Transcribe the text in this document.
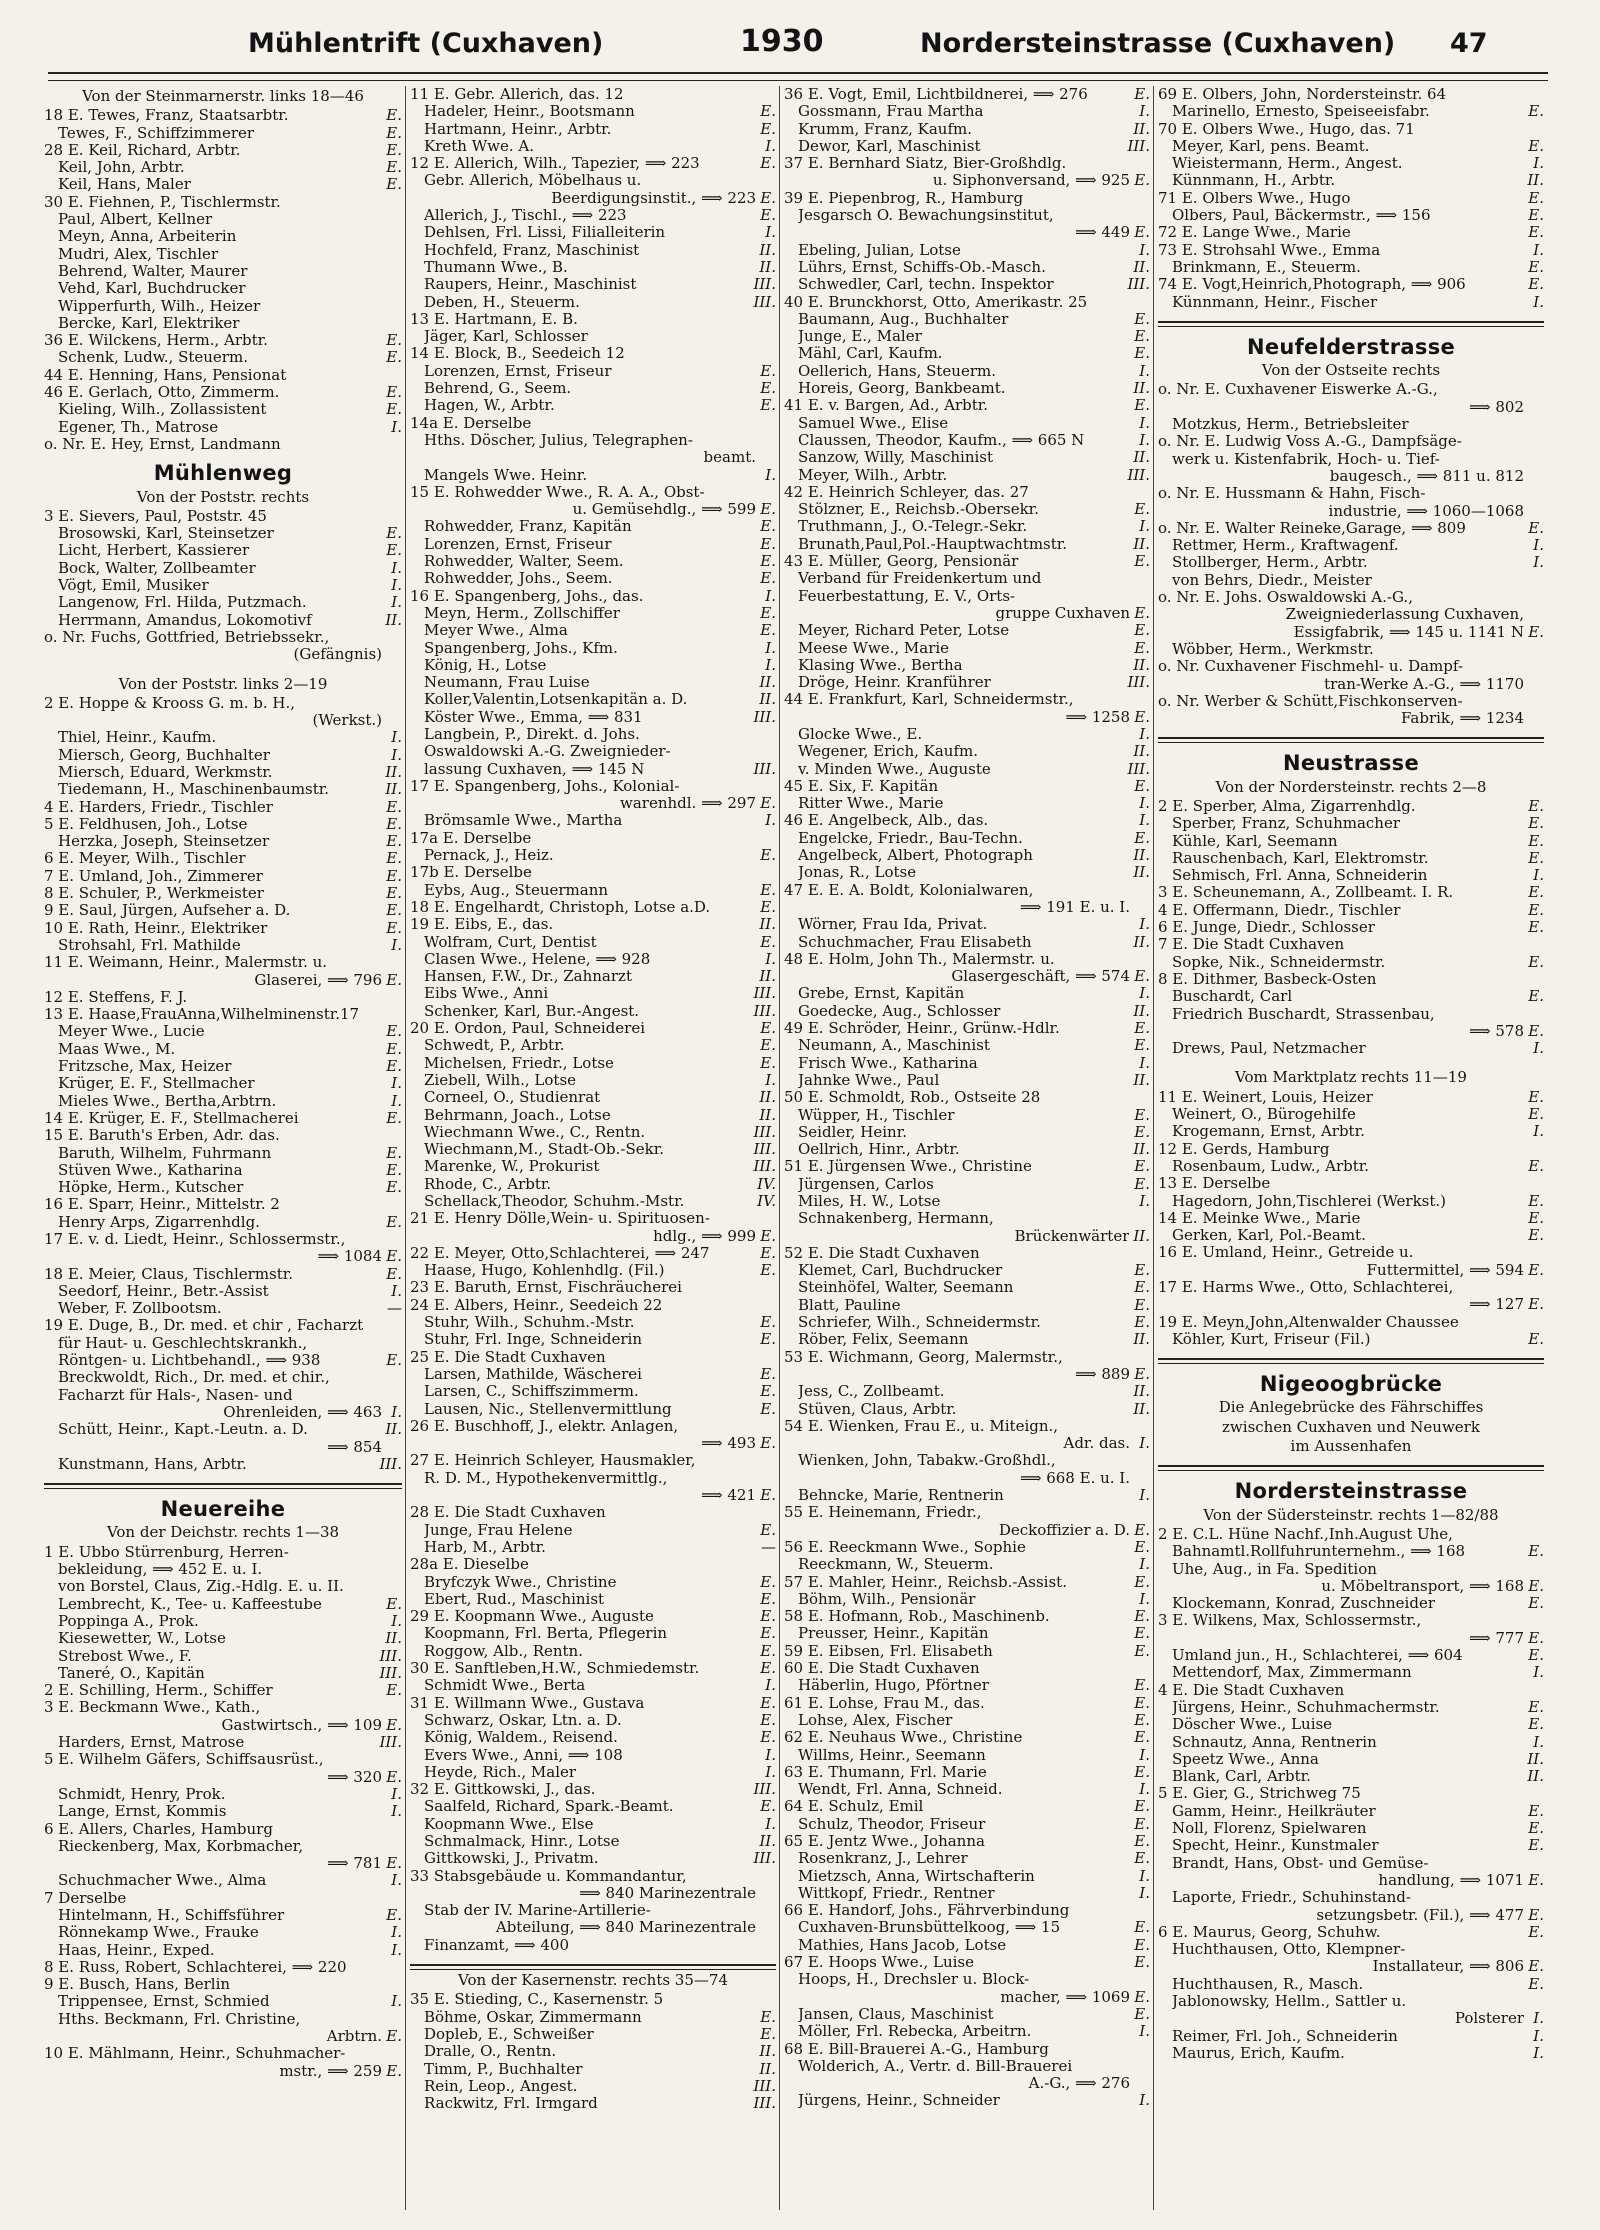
Mühlentrift (Cuxhaven)	1930	Nordersteinstrasse (Cuxhaven) 47
Von der Steinmarnerstr. links 18—46
18 E. Tewes, Franz, Staatsarbtr.	E.
Tewes, F., Schiffzimmerer	E.
28 E. Keil, Richard, Arbtr.	E.
Keil, John, Arbtr.	E.
Keil, Hans, Maler	E.
30 E. Fiehnen, P., Tischlermstr.
Paul, Albert, Kellner
Meyn, Anna, Arbeiterin
Mudri, Alex, Tischler
Behrend, Walter, Maurer
Vehd, Karl, Buchdrucker
Wipperfurth, Wilh., Heizer
Bercke, Karl, Elektriker
36 E. Wilckens, Herm., Arbtr.	E.
Schenk, Ludw., Steuerm.	E.
44 E. Henning, Hans, Pensionat
46 E. Gerlach, Otto, Zimmerm.	E.
Kieling, Wilh., Zollassistent	E.
Egener, Th., Matrose	I.
o. Nr. E. Hey, Ernst, Landmann
Mühlenweg
Von der Poststr. rechts
3 E. Sievers, Paul, Poststr. 45
Brosowski, Karl, Steinsetzer	E.
Licht, Herbert, Kassierer	E.
Bock, Walter, Zollbeamter	I.
Vögt, Emil, Musiker	I.
Langenow, Frl. Hilda, Putzmach.	I.
Herrmann, Amandus, Lokomotivf	II.
o. Nr. Fuchs, Gottfried, Betriebssekr.,
(Gefängnis)
Von der Poststr. links 2—19
2 E. Hoppe & Krooss G. m. b. H.,
(Werkst.)
Thiel, Heinr., Kaufm.	I.
Miersch, Georg, Buchhalter	I.
Miersch, Eduard, Werkmstr.	II.
Tiedemann, H., Maschinenbaumstr.	II.
4 E. Harders, Friedr., Tischler	E.
5 E. Feldhusen, Joh., Lotse	E.
Herzka, Joseph, Steinsetzer	E.
6 E. Meyer, Wilh., Tischler	E.
7 E. Umland, Joh., Zimmerer	E.
8 E. Schuler, P., Werkmeister	E.
9 E. Saul, Jürgen, Aufseher a. D.	E.
10 E. Rath, Heinr., Elektriker	E.
Strohsahl, Frl. Mathilde	I.
11 E. Weimann, Heinr., Malermstr. u.
Glaserei, ⟹ 796 E.
12 E. Steffens, F. J.
13 E. Haase,FrauAnna,Wilhelminenstr.17
Meyer Wwe., Lucie	E.
Maas Wwe., M.	E.
Fritzsche, Max, Heizer	E.
Krüger, E. F., Stellmacher	I.
Mieles Wwe., Bertha,Arbtrn.	I.
14 E. Krüger, E. F., Stellmacherei	E.
15 E. Baruth's Erben, Adr. das.
Baruth, Wilhelm, Fuhrmann	E.
Stüven Wwe., Katharina	E.
Höpke, Herm., Kutscher	E.
16 E. Sparr, Heinr., Mittelstr. 2
Henry Arps, Zigarrenhdlg.	E.
17 E. v. d. Liedt, Heinr., Schlossermstr.,
⟹ 1084 E.
18 E. Meier, Claus, Tischlermstr.	E.
Seedorf, Heinr., Betr.-Assist	I.
Weber, F. Zollbootsm.	—
19 E. Duge, B., Dr. med. et chir , Facharzt
für Haut- u. Geschlechtskrankh.,
Röntgen- u. Lichtbehandl., ⟹ 938	E.
Breckwoldt, Rich., Dr. med. et chir.,
Facharzt für Hals-, Nasen- und
Ohrenleiden, ⟹ 463 I.
Schütt, Heinr., Kapt.-Leutn. a. D.	II.
⟹ 854
Kunstmann, Hans, Arbtr.	III.
Neuereihe
Von der Deichstr. rechts 1—38
1 E. Ubbo Stürrenburg, Herren-
bekleidung, ⟹ 452 E. u. I.
von Borstel, Claus, Zig.-Hdlg. E. u. II.
Lembrecht, K., Tee- u. Kaffeestube	E.
Poppinga A., Prok.	I.
Kiesewetter, W., Lotse	II.
Strebost Wwe., F.	III.
Taneré, O., Kapitän	III.
2 E. Schilling, Herm., Schiffer	E.
3 E. Beckmann Wwe., Kath.,
Gastwirtsch., ⟹ 109 E.
Harders, Ernst, Matrose	III.
5 E. Wilhelm Gäfers, Schiffsausrüst.,
⟹ 320 E.
Schmidt, Henry, Prok.	I.
Lange, Ernst, Kommis	I.
6 E. Allers, Charles, Hamburg
Rieckenberg, Max, Korbmacher,
⟹ 781 E.
Schuchmacher Wwe., Alma	I.
7 Derselbe
Hintelmann, H., Schiffsführer	E.
Rönnekamp Wwe., Frauke	I.
Haas, Heinr., Exped.	I.
8 E. Russ, Robert, Schlachterei, ⟹ 220
9 E. Busch, Hans, Berlin
Trippensee, Ernst, Schmied	I.
Hths. Beckmann, Frl. Christine,
Arbtrn. E.
10 E. Mählmann, Heinr., Schuhmacher-
mstr., ⟹ 259 E.
11 E. Gebr. Allerich, das. 12
Hadeler, Heinr., Bootsmann	E.
Hartmann, Heinr., Arbtr.	E.
Kreth Wwe. A.	I.
12 E. Allerich, Wilh., Tapezier, ⟹ 223	E.
Gebr. Allerich, Möbelhaus u.
Beerdigungsinstit., ⟹ 223 E.
Allerich, J., Tischl., ⟹ 223	E.
Dehlsen, Frl. Lissi, Filialleiterin	I.
Hochfeld, Franz, Maschinist	II.
Thumann Wwe., B.	II.
Raupers, Heinr., Maschinist	III.
Deben, H., Steuerm.	III.
13 E. Hartmann, E. B.
Jäger, Karl, Schlosser
14 E. Block, B., Seedeich 12
Lorenzen, Ernst, Friseur	E.
Behrend, G., Seem.	E.
Hagen, W., Arbtr.	E.
14a E. Derselbe
Hths. Döscher, Julius, Telegraphen-
beamt.
Mangels Wwe. Heinr.	I.
15 E. Rohwedder Wwe., R. A. A., Obst-
u. Gemüsehdlg., ⟹ 599 E.
Rohwedder, Franz, Kapitän	E.
Lorenzen, Ernst, Friseur	E.
Rohwedder, Walter, Seem.	E.
Rohwedder, Johs., Seem.	E.
16 E. Spangenberg, Johs., das.	I.
Meyn, Herm., Zollschiffer	E.
Meyer Wwe., Alma	E.
Spangenberg, Johs., Kfm.	I.
König, H., Lotse	I.
Neumann, Frau Luise	II.
Koller,Valentin,Lotsenkapitän a. D.	II.
Köster Wwe., Emma, ⟹ 831	III.
Langbein, P., Direkt. d. Johs.
Oswaldowski A.-G. Zweignieder-
lassung Cuxhaven, ⟹ 145 N	III.
17 E. Spangenberg, Johs., Kolonial-
warenhdl. ⟹ 297 E.
Brömsamle Wwe., Martha	I.
17a E. Derselbe
Pernack, J., Heiz.	E.
17b E. Derselbe
Eybs, Aug., Steuermann	E.
18 E. Engelhardt, Christoph, Lotse a.D.	E.
19 E. Eibs, E., das.	II.
Wolfram, Curt, Dentist	E.
Clasen Wwe., Helene, ⟹ 928	I.
Hansen, F.W., Dr., Zahnarzt	II.
Eibs Wwe., Anni	III.
Schenker, Karl, Bur.-Angest.	III.
20 E. Ordon, Paul, Schneiderei	E.
Schwedt, P., Arbtr.	E.
Michelsen, Friedr., Lotse	E.
Ziebell, Wilh., Lotse	I.
Corneel, O., Studienrat	II.
Behrmann, Joach., Lotse	II.
Wiechmann Wwe., C., Rentn.	III.
Wiechmann,M., Stadt-Ob.-Sekr.	III.
Marenke, W., Prokurist	III.
Rhode, C., Arbtr.	IV.
Schellack,Theodor, Schuhm.-Mstr.	IV.
21 E. Henry Dölle,Wein- u. Spirituosen-
hdlg., ⟹ 999 E.
22 E. Meyer, Otto,Schlachterei, ⟹ 247	E.
Haase, Hugo, Kohlenhdlg. (Fil.)	E.
23 E. Baruth, Ernst, Fischräucherei
24 E. Albers, Heinr., Seedeich 22
Stuhr, Wilh., Schuhm.-Mstr.	E.
Stuhr, Frl. Inge, Schneiderin	E.
25 E. Die Stadt Cuxhaven
Larsen, Mathilde, Wäscherei	E.
Larsen, C., Schiffszimmerm.	E.
Lausen, Nic., Stellenvermittlung	E.
26 E. Buschhoff, J., elektr. Anlagen,
⟹ 493 E.
27 E. Heinrich Schleyer, Hausmakler,
R. D. M., Hypothekenvermittlg.,
⟹ 421 E.
28 E. Die Stadt Cuxhaven
Junge, Frau Helene	E.
Harb, M., Arbtr.	—
28a E. Dieselbe
Bryfczyk Wwe., Christine	E.
Ebert, Rud., Maschinist	E.
29 E. Koopmann Wwe., Auguste	E.
Koopmann, Frl. Berta, Pflegerin	E.
Roggow, Alb., Rentn.	E.
30 E. Sanftleben,H.W., Schmiedemstr.	E.
Schmidt Wwe., Berta	I.
31 E. Willmann Wwe., Gustava	E.
Schwarz, Oskar, Ltn. a. D.	E.
König, Waldem., Reisend.	E.
Evers Wwe., Anni, ⟹ 108	I.
Heyde, Rich., Maler	I.
32 E. Gittkowski, J., das.	III.
Saalfeld, Richard, Spark.-Beamt.	E.
Koopmann Wwe., Else	I.
Schmalmack, Hinr., Lotse	II.
Gittkowski, J., Privatm.	III.
33 Stabsgebäude u. Kommandantur,
⟹ 840 Marinezentrale
Stab der IV. Marine-Artillerie-
Abteilung, ⟹ 840 Marinezentrale
Finanzamt, ⟹ 400
Von der Kasernenstr. rechts 35—74
35 E. Stieding, C., Kasernenstr. 5
Böhme, Oskar, Zimmermann	E.
Dopleb, E., Schweißer	E.
Dralle, O., Rentn.	II.
Timm, P., Buchhalter	II.
Rein, Leop., Angest.	III.
Rackwitz, Frl. Irmgard	III.
36 E. Vogt, Emil, Lichtbildnerei, ⟹ 276	E.
Gossmann, Frau Martha	I.
Krumm, Franz, Kaufm.	II.
Dewor, Karl, Maschinist	III.
37 E. Bernhard Siatz, Bier-Großhdlg.
u. Siphonversand, ⟹ 925 E.
39 E. Piepenbrog, R., Hamburg
Jesgarsch O. Bewachungsinstitut,
⟹ 449 E.
Ebeling, Julian, Lotse	I.
Lührs, Ernst, Schiffs-Ob.-Masch.	II.
Schwedler, Carl, techn. Inspektor	III.
40 E. Brunckhorst, Otto, Amerikastr. 25
Baumann, Aug., Buchhalter	E.
Junge, E., Maler	E.
Mähl, Carl, Kaufm.	E.
Oellerich, Hans, Steuerm.	I.
Horeis, Georg, Bankbeamt.	II.
41 E. v. Bargen, Ad., Arbtr.	E.
Samuel Wwe., Elise	I.
Claussen, Theodor, Kaufm., ⟹ 665 N	I.
Sanzow, Willy, Maschinist	II.
Meyer, Wilh., Arbtr.	III.
42 E. Heinrich Schleyer, das. 27
Stölzner, E., Reichsb.-Obersekr.	E.
Truthmann, J., O.-Telegr.-Sekr.	I.
Brunath,Paul,Pol.-Hauptwachtmstr.	II.
43 E. Müller, Georg, Pensionär	E.
Verband für Freidenkertum und
Feuerbestattung, E. V., Orts-
gruppe Cuxhaven E.
Meyer, Richard Peter, Lotse	E.
Meese Wwe., Marie	E.
Klasing Wwe., Bertha	II.
Dröge, Heinr. Kranführer	III.
44 E. Frankfurt, Karl, Schneidermstr.,
⟹ 1258 E.
Glocke Wwe., E.	I.
Wegener, Erich, Kaufm.	II.
v. Minden Wwe., Auguste	III.
45 E. Six, F. Kapitän	E.
Ritter Wwe., Marie	I.
46 E. Angelbeck, Alb., das.	I.
Engelcke, Friedr., Bau-Techn.	E.
Angelbeck, Albert, Photograph	II.
Jonas, R., Lotse	II.
47 E. E. A. Boldt, Kolonialwaren,
⟹ 191 E. u. I.
Wörner, Frau Ida, Privat.	I.
Schuchmacher, Frau Elisabeth	II.
48 E. Holm, John Th., Malermstr. u.
Glasergeschäft, ⟹ 574 E.
Grebe, Ernst, Kapitän	I.
Goedecke, Aug., Schlosser	II.
49 E. Schröder, Heinr., Grünw.-Hdlr.	E.
Neumann, A., Maschinist	E.
Frisch Wwe., Katharina	I.
Jahnke Wwe., Paul	II.
50 E. Schmoldt, Rob., Ostseite 28
Wüpper, H., Tischler	E.
Seidler, Heinr.	E.
Oellrich, Hinr., Arbtr.	II.
51 E. Jürgensen Wwe., Christine	E.
Jürgensen, Carlos	E.
Miles, H. W., Lotse	I.
Schnakenberg, Hermann,
Brückenwärter II.
52 E. Die Stadt Cuxhaven
Klemet, Carl, Buchdrucker	E.
Steinhöfel, Walter, Seemann	E.
Blatt, Pauline	E.
Schriefer, Wilh., Schneidermstr.	E.
Röber, Felix, Seemann	II.
53 E. Wichmann, Georg, Malermstr.,
⟹ 889 E.
Jess, C., Zollbeamt.	II.
Stüven, Claus, Arbtr.	II.
54 E. Wienken, Frau E., u. Miteign.,
Adr. das. I.
Wienken, John, Tabakw.-Großhdl.,
⟹ 668 E. u. I.
Behncke, Marie, Rentnerin	I.
55 E. Heinemann, Friedr.,
Deckoffizier a. D. E.
56 E. Reeckmann Wwe., Sophie	E.
Reeckmann, W., Steuerm.	I.
57 E. Mahler, Heinr., Reichsb.-Assist.	E.
Böhm, Wilh., Pensionär	I.
58 E. Hofmann, Rob., Maschinenb.	E.
Preusser, Heinr., Kapitän	E.
59 E. Eibsen, Frl. Elisabeth	E.
60 E. Die Stadt Cuxhaven
Häberlin, Hugo, Pförtner	E.
61 E. Lohse, Frau M., das.	E.
Lohse, Alex, Fischer	E.
62 E. Neuhaus Wwe., Christine	E.
Willms, Heinr., Seemann	I.
63 E. Thumann, Frl. Marie	E.
Wendt, Frl. Anna, Schneid.	I.
64 E. Schulz, Emil	E.
Schulz, Theodor, Friseur	E.
65 E. Jentz Wwe., Johanna	E.
Rosenkranz, J., Lehrer	E.
Mietzsch, Anna, Wirtschafterin	I.
Wittkopf, Friedr., Rentner	I.
66 E. Handorf, Johs., Fährverbindung
Cuxhaven-Brunsbüttelkoog, ⟹ 15	E.
Mathies, Hans Jacob, Lotse	E.
67 E. Hoops Wwe., Luise	E.
Hoops, H., Drechsler u. Block-
macher, ⟹ 1069 E.
Jansen, Claus, Maschinist	E.
Möller, Frl. Rebecka, Arbeitrn.	I.
68 E. Bill-Brauerei A.-G., Hamburg
Wolderich, A., Vertr. d. Bill-Brauerei
A.-G., ⟹ 276
Jürgens, Heinr., Schneider	I.
69 E. Olbers, John, Nordersteinstr. 64
Marinello, Ernesto, Speiseeisfabr.	E.
70 E. Olbers Wwe., Hugo, das. 71
Meyer, Karl, pens. Beamt.	E.
Wieistermann, Herm., Angest.	I.
Künnmann, H., Arbtr.	II.
71 E. Olbers Wwe., Hugo	E.
Olbers, Paul, Bäckermstr., ⟹ 156	E.
72 E. Lange Wwe., Marie	E.
73 E. Strohsahl Wwe., Emma	I.
Brinkmann, E., Steuerm.	E.
74 E. Vogt,Heinrich,Photograph, ⟹ 906	E.
Künnmann, Heinr., Fischer	I.
Neufelderstrasse
Von der Ostseite rechts
o. Nr. E. Cuxhavener Eiswerke A.-G.,
⟹ 802
Motzkus, Herm., Betriebsleiter
o. Nr. E. Ludwig Voss A.-G., Dampfsäge-
werk u. Kistenfabrik, Hoch- u. Tief-
baugesch., ⟹ 811 u. 812
o. Nr. E. Hussmann & Hahn, Fisch-
industrie, ⟹ 1060—1068
o. Nr. E. Walter Reineke,Garage, ⟹ 809	E.
Rettmer, Herm., Kraftwagenf.	I.
Stollberger, Herm., Arbtr.	I.
von Behrs, Diedr., Meister
o. Nr. E. Johs. Oswaldowski A.-G.,
Zweigniederlassung Cuxhaven,
Essigfabrik, ⟹ 145 u. 1141 N E.
Wöbber, Herm., Werkmstr.
o. Nr. Cuxhavener Fischmehl- u. Dampf-
tran-Werke A.-G., ⟹ 1170
o. Nr. Werber & Schütt,Fischkonserven-
Fabrik, ⟹ 1234
Neustrasse
Von der Nordersteinstr. rechts 2—8
2 E. Sperber, Alma, Zigarrenhdlg.	E.
Sperber, Franz, Schuhmacher	E.
Kühle, Karl, Seemann	E.
Rauschenbach, Karl, Elektromstr.	E.
Sehmisch, Frl. Anna, Schneiderin	I.
3 E. Scheunemann, A., Zollbeamt. I. R.	E.
4 E. Offermann, Diedr., Tischler	E.
6 E. Junge, Diedr., Schlosser	E.
7 E. Die Stadt Cuxhaven
Sopke, Nik., Schneidermstr.	E.
8 E. Dithmer, Basbeck-Osten
Buschardt, Carl	E.
Friedrich Buschardt, Strassenbau,
⟹ 578 E.
Drews, Paul, Netzmacher	I.
Vom Marktplatz rechts 11—19
11 E. Weinert, Louis, Heizer	E.
Weinert, O., Bürogehilfe	E.
Krogemann, Ernst, Arbtr.	I.
12 E. Gerds, Hamburg
Rosenbaum, Ludw., Arbtr.	E.
13 E. Derselbe
Hagedorn, John,Tischlerei (Werkst.)	E.
14 E. Meinke Wwe., Marie	E.
Gerken, Karl, Pol.-Beamt.	E.
16 E. Umland, Heinr., Getreide u.
Futtermittel, ⟹ 594 E.
17 E. Harms Wwe., Otto, Schlachterei,
⟹ 127 E.
19 E. Meyn,John,Altenwalder Chaussee
Köhler, Kurt, Friseur (Fil.)	E.
Nigeoogbrücke
Die Anlegebrücke des Fährschiffes
zwischen Cuxhaven und Neuwerk
im Aussenhafen
Nordersteinstrasse
Von der Südersteinstr. rechts 1—82/88
2 E. C.L. Hüne Nachf.,Inh.August Uhe,
Bahnamtl.Rollfuhrunternehm., ⟹ 168	E.
Uhe, Aug., in Fa. Spedition
u. Möbeltransport, ⟹ 168 E.
Klockemann, Konrad, Zuschneider	E.
3 E. Wilkens, Max, Schlossermstr.,
⟹ 777 E.
Umland jun., H., Schlachterei, ⟹ 604	E.
Mettendorf, Max, Zimmermann	I.
4 E. Die Stadt Cuxhaven
Jürgens, Heinr., Schuhmachermstr.	E.
Döscher Wwe., Luise	E.
Schnautz, Anna, Rentnerin	I.
Speetz Wwe., Anna	II.
Blank, Carl, Arbtr.	II.
5 E. Gier, G., Strichweg 75
Gamm, Heinr., Heilkräuter	E.
Noll, Florenz, Spielwaren	E.
Specht, Heinr., Kunstmaler	E.
Brandt, Hans, Obst- und Gemüse-
handlung, ⟹ 1071 E.
Laporte, Friedr., Schuhinstand-
setzungsbetr. (Fil.), ⟹ 477 E.
6 E. Maurus, Georg, Schuhw.	E.
Huchthausen, Otto, Klempner-
Installateur, ⟹ 806 E.
Huchthausen, R., Masch.	E.
Jablonowsky, Hellm., Sattler u.
Polsterer I.
Reimer, Frl. Joh., Schneiderin	I.
Maurus, Erich, Kaufm.	I.
